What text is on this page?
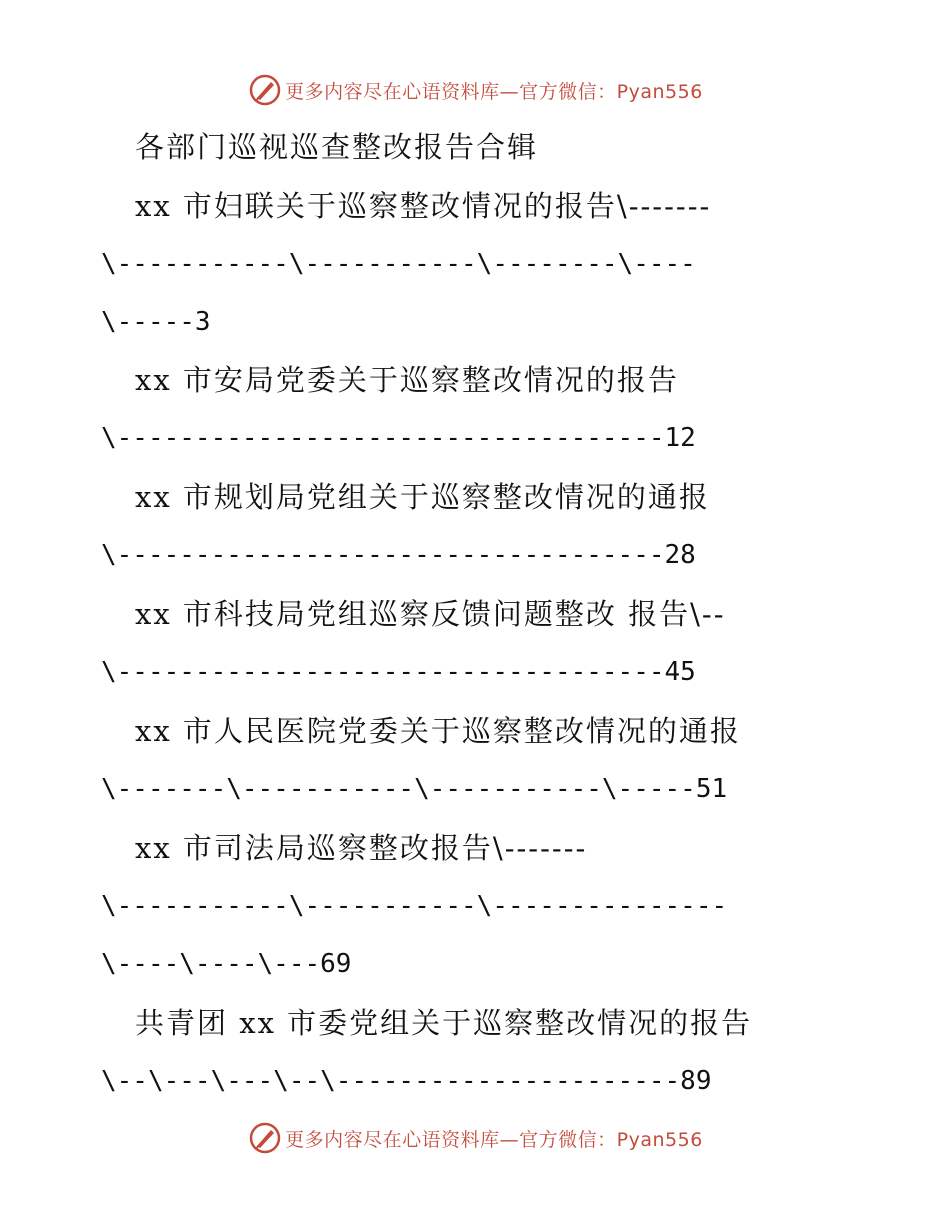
更多内容尽在心语资料库—官方微信：Pyan556
各部门巡视巡查整改报告合辑
xx 市妇联关于巡察整改情况的报告\-------
\-----------\-----------\--------\----
\-----3
xx 市安局党委关于巡察整改情况的报告
\-----------------------------------12
xx 市规划局党组关于巡察整改情况的通报
\-----------------------------------28
xx 市科技局党组巡察反馈问题整改 报告\--
\-----------------------------------45
xx 市人民医院党委关于巡察整改情况的通报
\-------\-----------\-----------\-----51
xx 市司法局巡察整改报告\-------
\-----------\-----------\---------------
\----\----\---69
共青团 xx 市委党组关于巡察整改情况的报告
\--\---\---\--\----------------------89
更多内容尽在心语资料库—官方微信：Pyan556
